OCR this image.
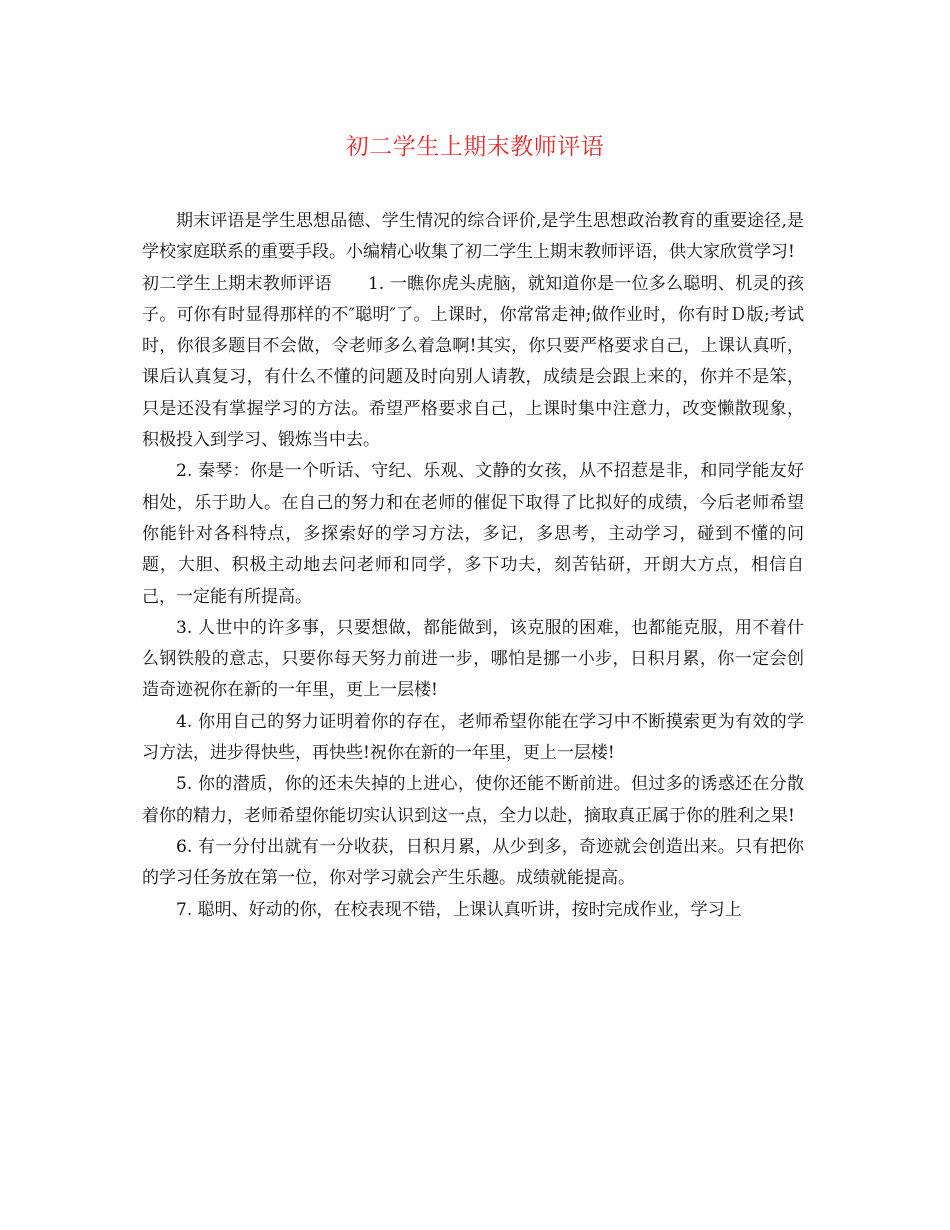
初二学生上期末教师评语

期末评语是学生思想品德、学生情况的综合评价,是学生思想政治教育的重要途径,是学校家庭联系的重要手段。小编精心收集了初二学生上期末教师评语，供大家欣赏学习!

初二学生上期末教师评语 1. 一瞧你虎头虎脑，就知道你是一位多么聪明、机灵的孩子。可你有时显得那样的不″聪明″了。上课时，你常常走神;做作业时，你有时Ｄ版;考试时，你很多题目不会做，令老师多么着急啊!其实，你只要严格要求自己，上课认真听，课后认真复习，有什么不懂的问题及时向别人请教，成绩是会跟上来的，你并不是笨，只是还没有掌握学习的方法。希望严格要求自己，上课时集中注意力，改变懒散现象，积极投入到学习、锻炼当中去。

2. 秦琴：你是一个听话、守纪、乐观、文静的女孩，从不招惹是非，和同学能友好相处，乐于助人。在自己的努力和在老师的催促下取得了比拟好的成绩，今后老师希望你能针对各科特点，多探索好的学习方法，多记，多思考，主动学习，碰到不懂的问题，大胆、积极主动地去问老师和同学，多下功夫，刻苦钻研，开朗大方点，相信自己，一定能有所提高。

3. 人世中的许多事，只要想做，都能做到，该克服的困难，也都能克服，用不着什么钢铁般的意志，只要你每天努力前进一步，哪怕是挪一小步，日积月累，你一定会创造奇迹祝你在新的一年里，更上一层楼!

4. 你用自己的努力证明着你的存在，老师希望你能在学习中不断摸索更为有效的学习方法，进步得快些，再快些!祝你在新的一年里，更上一层楼!

5. 你的潜质，你的还未失掉的上进心，使你还能不断前进。但过多的诱惑还在分散着你的精力，老师希望你能切实认识到这一点，全力以赴，摘取真正属于你的胜利之果!

6. 有一分付出就有一分收获，日积月累，从少到多，奇迹就会创造出来。只有把你的学习任务放在第一位，你对学习就会产生乐趣。成绩就能提高。

7. 聪明、好动的你，在校表现不错，上课认真听讲，按时完成作业，学习上
